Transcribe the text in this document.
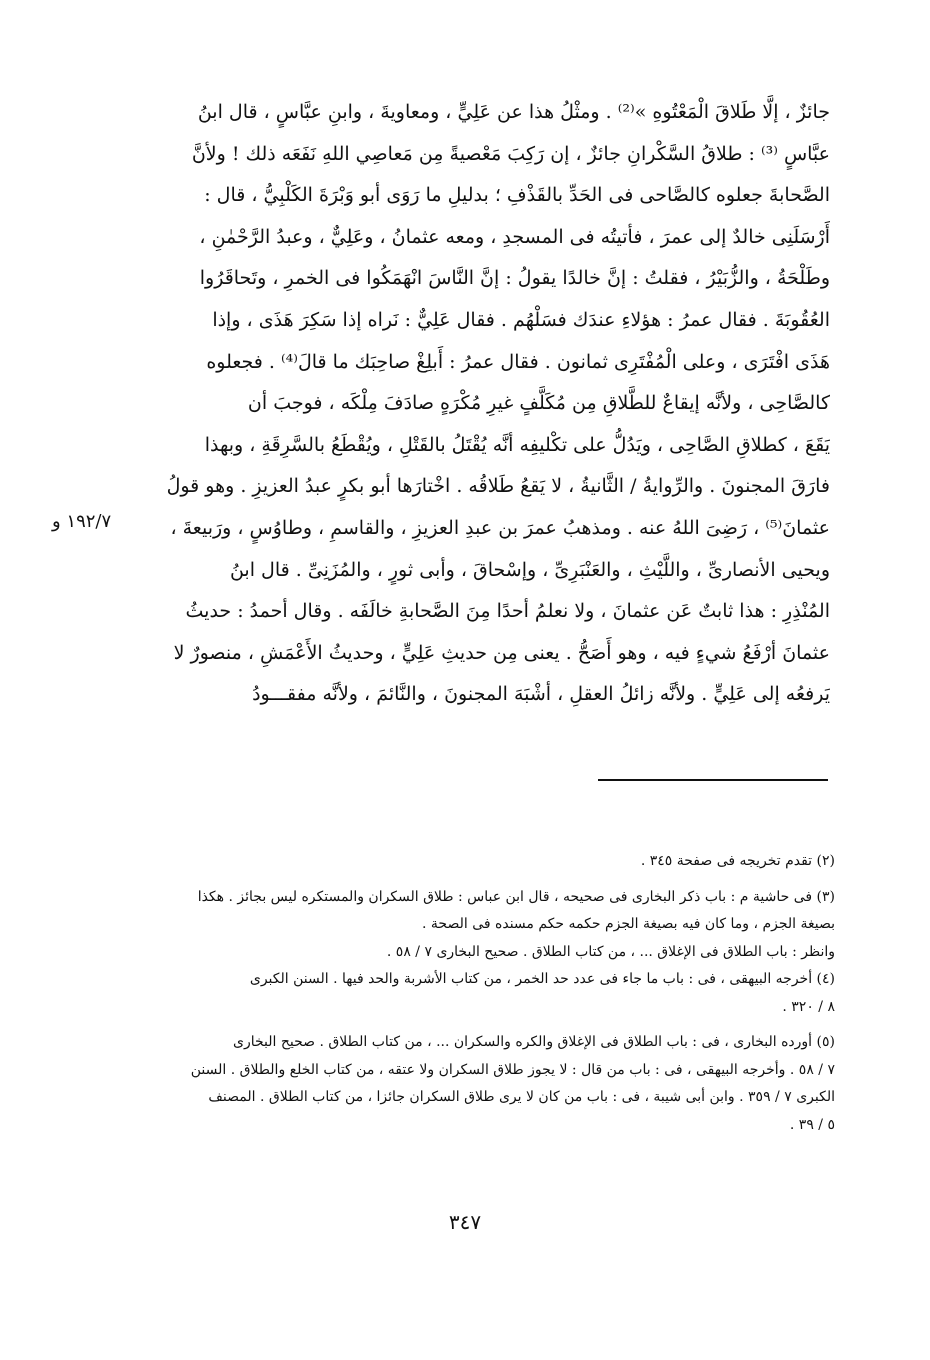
جائزٌ ، إلَّا طَلاقَ الْمَعْتُوهِ »⁽²⁾ . ومثْلُ هذا عن عَلِيٍّ ، ومعاويةَ ، وابنِ عبَّاسٍ ، قال ابنُ
عبَّاسٍ ⁽³⁾ : طلاقُ السَّكْرانِ جائزٌ ، إن رَكِبَ مَعْصيةً مِن مَعاصِي اللهِ نَفَعَه ذلك ! ولأنَّ
الصَّحابةَ جعلوه كالصَّاحى فى الحَدِّ بالقَذْفِ ؛ بدليلِ ما رَوَى أبو وَبْرَةَ الكَلْبِيُّ ، قال :
أَرْسَلَنِى خالدٌ إلى عمرَ ، فأتيتُه فى المسجدِ ، ومعه عثمانُ ، وعَلِيٌّ ، وعبدُ الرَّحْمٰنِ ،
وطَلْحَةُ ، والزُّبَيْرُ ، فقلتُ : إنَّ خالدًا يقولُ : إنَّ النَّاسَ انْهَمَكُوا فى الخمرِ ، وتَحاقَرُوا
العُقُوبَةَ . فقال عمرُ : هؤلاءِ عندَك فسَلْهُم . فقال عَلِيٌّ : نَراه إذا سَكِرَ هَذَى ، وإذا
هَذَى افْتَرَى ، وعلى الْمُفْتَرِى ثمانون . فقال عمرُ : أَبلِغْ صاحِبَك ما قالَ⁽⁴⁾ . فجعلوه
كالصَّاحِى ، ولأنَّه إيقاعٌ للطَّلاقِ مِن مُكَلَّفٍ غيرِ مُكْرَهٍ صادَفَ مِلْكَه ، فوجبَ أن
يَقَعَ ، كطلاقِ الصَّاحِى ، ويَدُلُّ على تكْليفِه أنَّه يُقْتَلُ بالقَتْلِ ، ويُقْطَعُ بالسَّرِقَةِ ، وبهذا
فارَقَ المجنونَ . والرِّوايةُ / الثَّانيةُ ، لا يَقعُ طَلاقُه . اخْتارَها أبو بكرٍ عبدُ العزيزِ . وهو قولُ
عثمانَ⁽⁵⁾ ، رَضِىَ اللهُ عنه . ومذهبُ عمرَ بن عبدِ العزيزِ ، والقاسمِ ، وطاوُسٍ ، ورَبيعةَ ،
ويحيى الأنصارىِّ ، واللَّيْثِ ، والعَنْبَرِىِّ ، وإسْحاقَ ، وأبى ثورٍ ، والمُزَنِىِّ . قال ابنُ
المُنْذِرِ : هذا ثابتٌ عَن عثمانَ ، ولا نعلمُ أحدًا مِنَ الصَّحابةِ خالَفَه . وقال أحمدُ : حديثُ
عثمانَ أرْفَعُ شيءٍ فيه ، وهو أَصَحُّ . يعنى مِن حديثِ عَلِيٍّ ، وحديثُ الأَعْمَشِ ، منصورٌ لا
يَرفعُه إلى عَلِيٍّ . ولأنَّه زائلُ العقلِ ، أشْبَهَ المجنونَ ، والنَّائمَ ، ولأنَّه مفقـــودُ
١٩٢/٧ و
(٢) تقدم تخريجه فى صفحة ٣٤٥ .
(٣) فى حاشية م : باب ذكر البخارى فى صحيحه ، قال ابن عباس : طلاق السكران والمستكره ليس بجائز . هكذا
بصيغة الجزم ، وما كان فيه بصيغة الجزم حكمه حكم مسنده فى الصحة .
وانظر : باب الطلاق فى الإغلاق ... ، من كتاب الطلاق . صحيح البخارى ٧ / ٥٨ .
(٤) أخرجه البيهقى ، فى : باب ما جاء فى عدد حد الخمر ، من كتاب الأشربة والحد فيها . السنن الكبرى
٨ / ٣٢٠ .
(٥) أورده البخارى ، فى : باب الطلاق فى الإغلاق والكره والسكران ... ، من كتاب الطلاق . صحيح البخارى
٧ / ٥٨ . وأخرجه البيهقى ، فى : باب من قال : لا يجوز طلاق السكران ولا عتقه ، من كتاب الخلع والطلاق . السنن
الكبرى ٧ / ٣٥٩ . وابن أبى شيبة ، فى : باب من كان لا يرى طلاق السكران جائزا ، من كتاب الطلاق . المصنف
٥ / ٣٩ .
٣٤٧
